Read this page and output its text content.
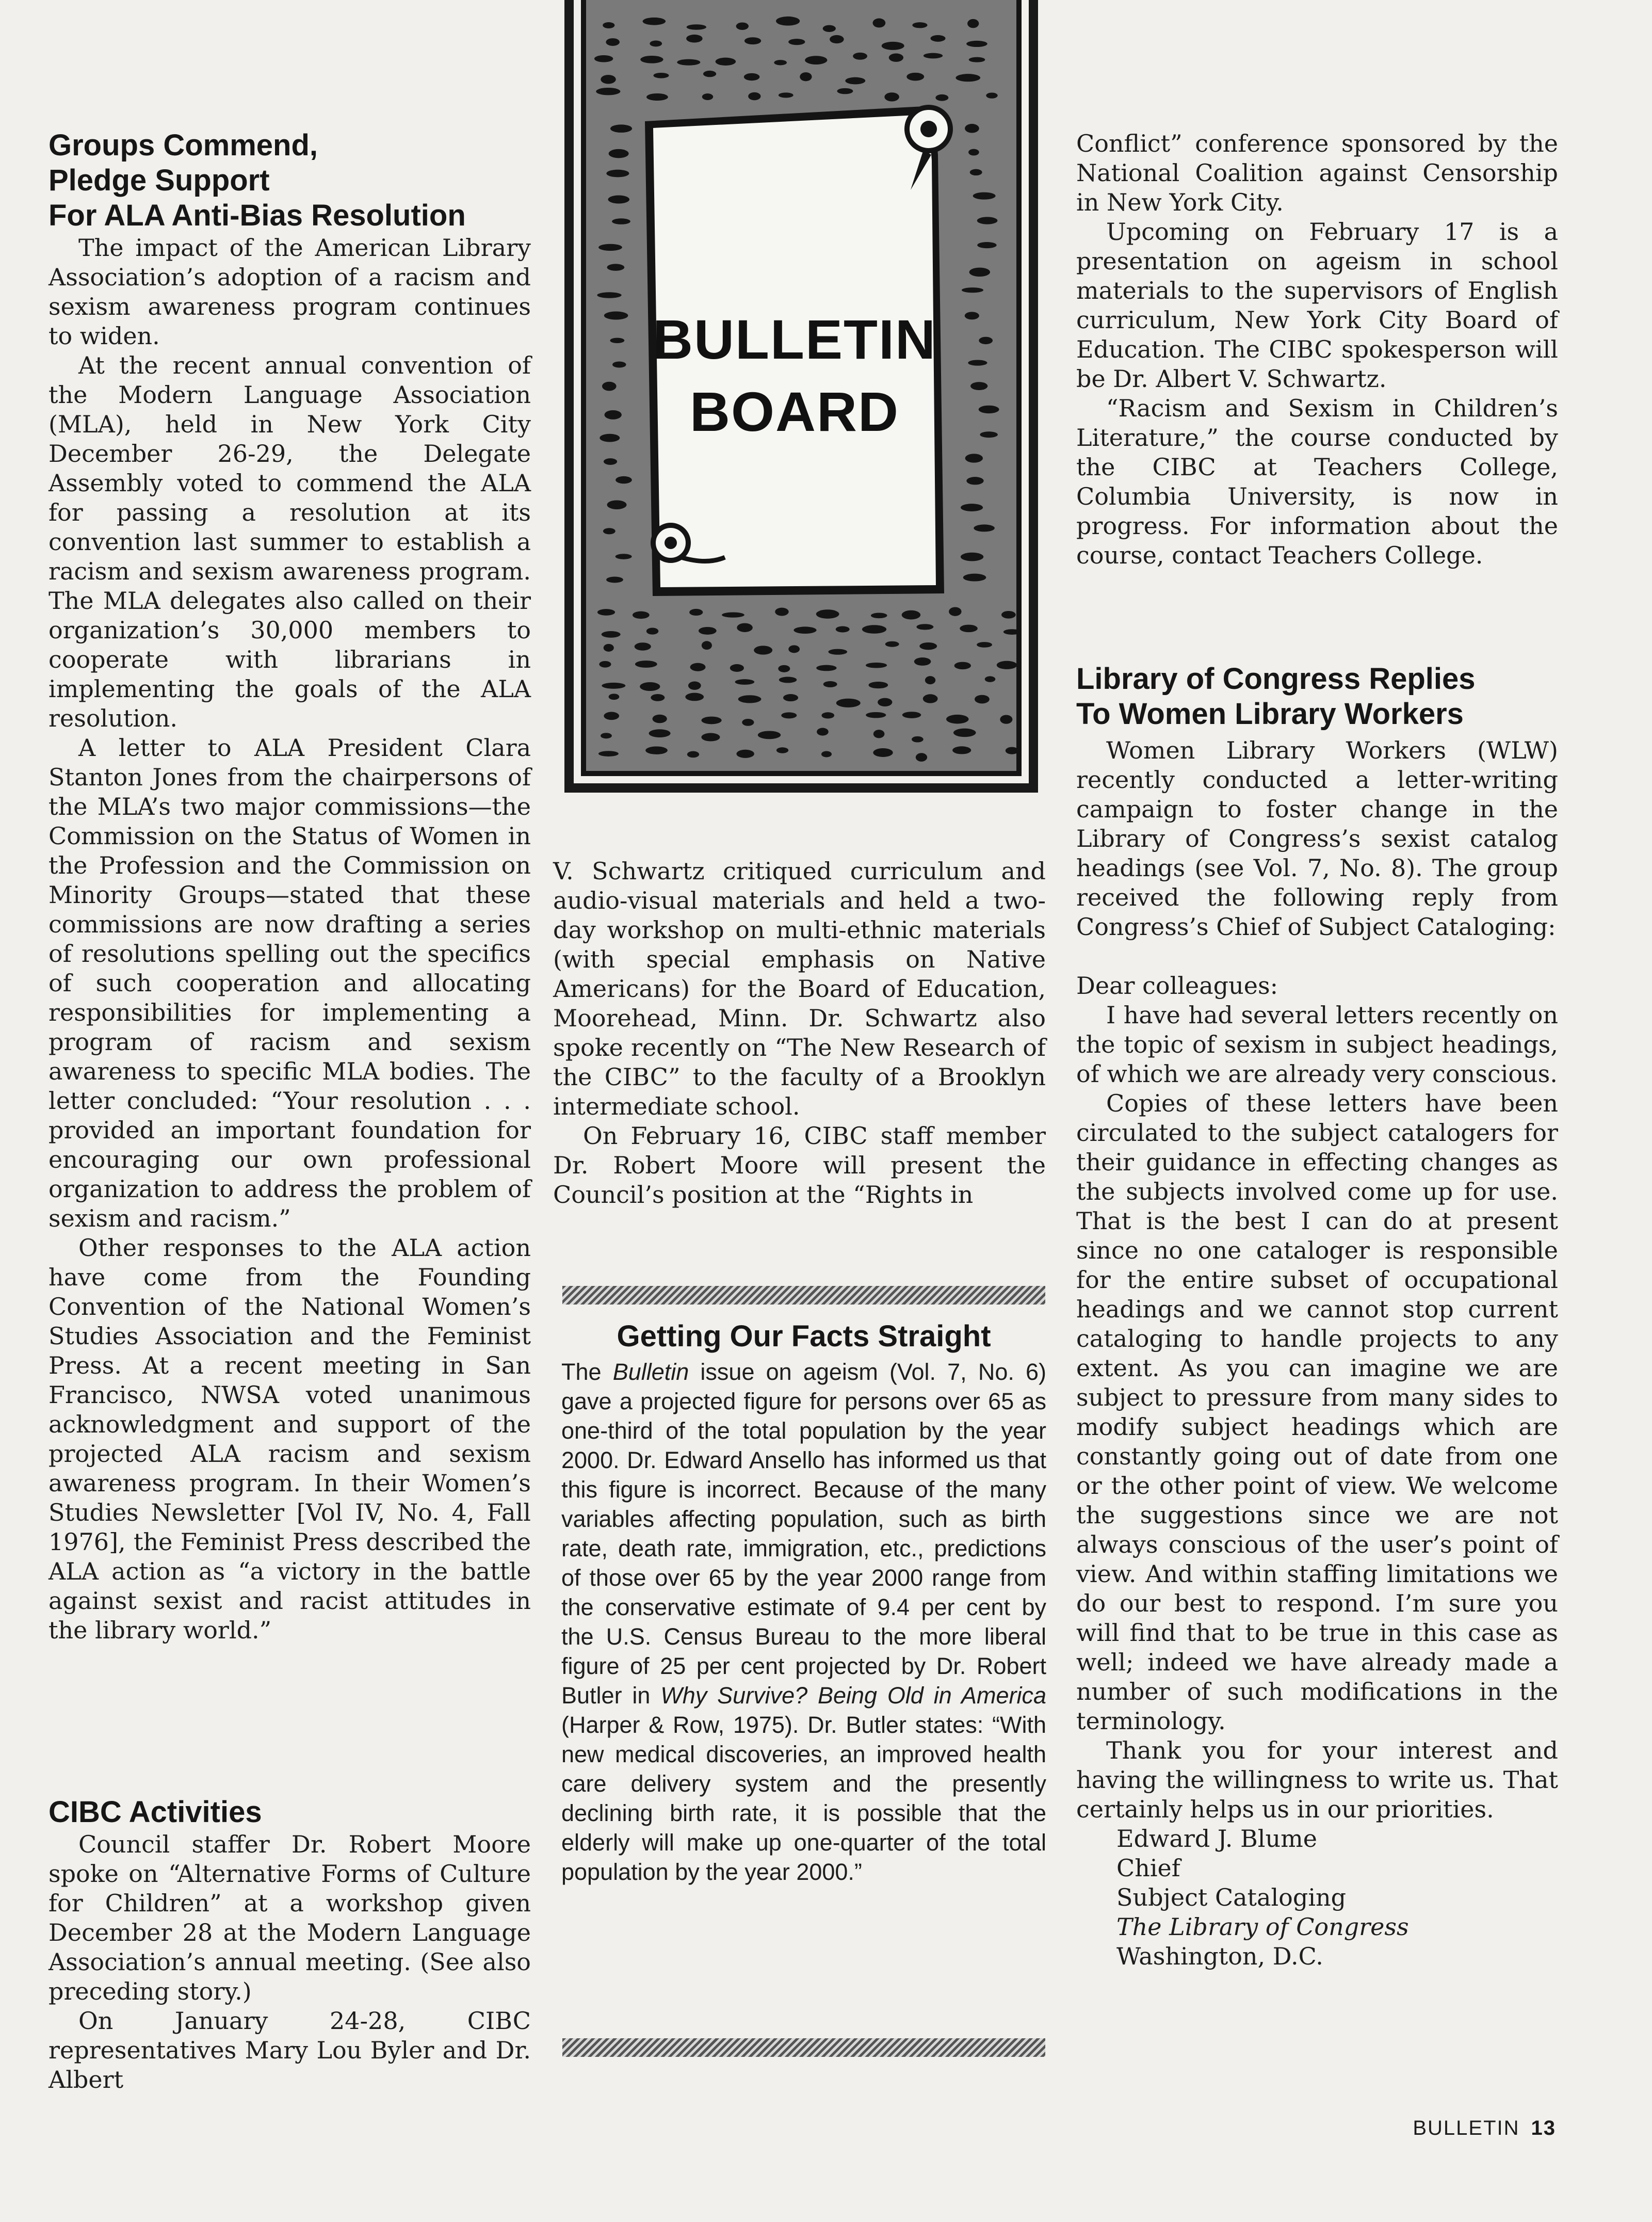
Groups Commend,
Pledge Support
For ALA Anti-Bias Resolution

The impact of the American Library Association’s adoption of a racism and sexism awareness program continues to widen.

At the recent annual convention of the Modern Language Association (MLA), held in New York City December 26-29, the Delegate Assembly voted to commend the ALA for passing a resolution at its convention last summer to establish a racism and sexism awareness program. The MLA delegates also called on their organization’s 30,000 members to cooperate with librarians in implementing the goals of the ALA resolution.

A letter to ALA President Clara Stanton Jones from the chairpersons of the MLA’s two major commissions—the Commission on the Status of Women in the Profession and the Commission on Minority Groups—stated that these commissions are now drafting a series of resolutions spelling out the specifics of such cooperation and allocating responsibilities for implementing a program of racism and sexism awareness to specific MLA bodies. The letter concluded: “Your resolution . . . provided an important foundation for encouraging our own professional organization to address the problem of sexism and racism.”

Other responses to the ALA action have come from the Founding Convention of the National Women’s Studies Association and the Feminist Press. At a recent meeting in San Francisco, NWSA voted unanimous acknowledgment and support of the projected ALA racism and sexism awareness program. In their Women’s Studies Newsletter [Vol IV, No. 4, Fall 1976], the Feminist Press described the ALA action as “a victory in the battle against sexist and racist attitudes in the library world.”

CIBC Activities

Council staffer Dr. Robert Moore spoke on “Alternative Forms of Culture for Children” at a workshop given December 28 at the Modern Language Association’s annual meeting. (See also preceding story.)

On January 24-28, CIBC representatives Mary Lou Byler and Dr. Albert

BULLETIN
BOARD

V. Schwartz critiqued curriculum and audio-visual materials and held a two-day workshop on multi-ethnic materials (with special emphasis on Native Americans) for the Board of Education, Moorehead, Minn. Dr. Schwartz also spoke recently on “The New Research of the CIBC” to the faculty of a Brooklyn intermediate school.

On February 16, CIBC staff member Dr. Robert Moore will present the Council’s position at the “Rights in

Getting Our Facts Straight

The Bulletin issue on ageism (Vol. 7, No. 6) gave a projected figure for persons over 65 as one-third of the total population by the year 2000. Dr. Edward Ansello has informed us that this figure is incorrect. Because of the many variables affecting population, such as birth rate, death rate, immigration, etc., predictions of those over 65 by the year 2000 range from the conservative estimate of 9.4 per cent by the U.S. Census Bureau to the more liberal figure of 25 per cent projected by Dr. Robert Butler in Why Survive? Being Old in America (Harper & Row, 1975). Dr. Butler states: “With new medical discoveries, an improved health care delivery system and the presently declining birth rate, it is possible that the elderly will make up one-quarter of the total population by the year 2000.”

Conflict” conference sponsored by the National Coalition against Censorship in New York City.

Upcoming on February 17 is a presentation on ageism in school materials to the supervisors of English curriculum, New York City Board of Education. The CIBC spokesperson will be Dr. Albert V. Schwartz.

“Racism and Sexism in Children’s Literature,” the course conducted by the CIBC at Teachers College, Columbia University, is now in progress. For information about the course, contact Teachers College.

Library of Congress Replies
To Women Library Workers

Women Library Workers (WLW) recently conducted a letter-writing campaign to foster change in the Library of Congress’s sexist catalog headings (see Vol. 7, No. 8). The group received the following reply from Congress’s Chief of Subject Cataloging:

Dear colleagues:

I have had several letters recently on the topic of sexism in subject headings, of which we are already very conscious.

Copies of these letters have been circulated to the subject catalogers for their guidance in effecting changes as the subjects involved come up for use. That is the best I can do at present since no one cataloger is responsible for the entire subset of occupational headings and we cannot stop current cataloging to handle projects to any extent. As you can imagine we are subject to pressure from many sides to modify subject headings which are constantly going out of date from one or the other point of view. We welcome the suggestions since we are not always conscious of the user’s point of view. And within staffing limitations we do our best to respond. I’m sure you will find that to be true in this case as well; indeed we have already made a number of such modifications in the terminology.

Thank you for your interest and having the willingness to write us. That certainly helps us in our priorities.

Edward J. Blume

Chief

Subject Cataloging

The Library of Congress

Washington, D.C.

BULLETIN 13
